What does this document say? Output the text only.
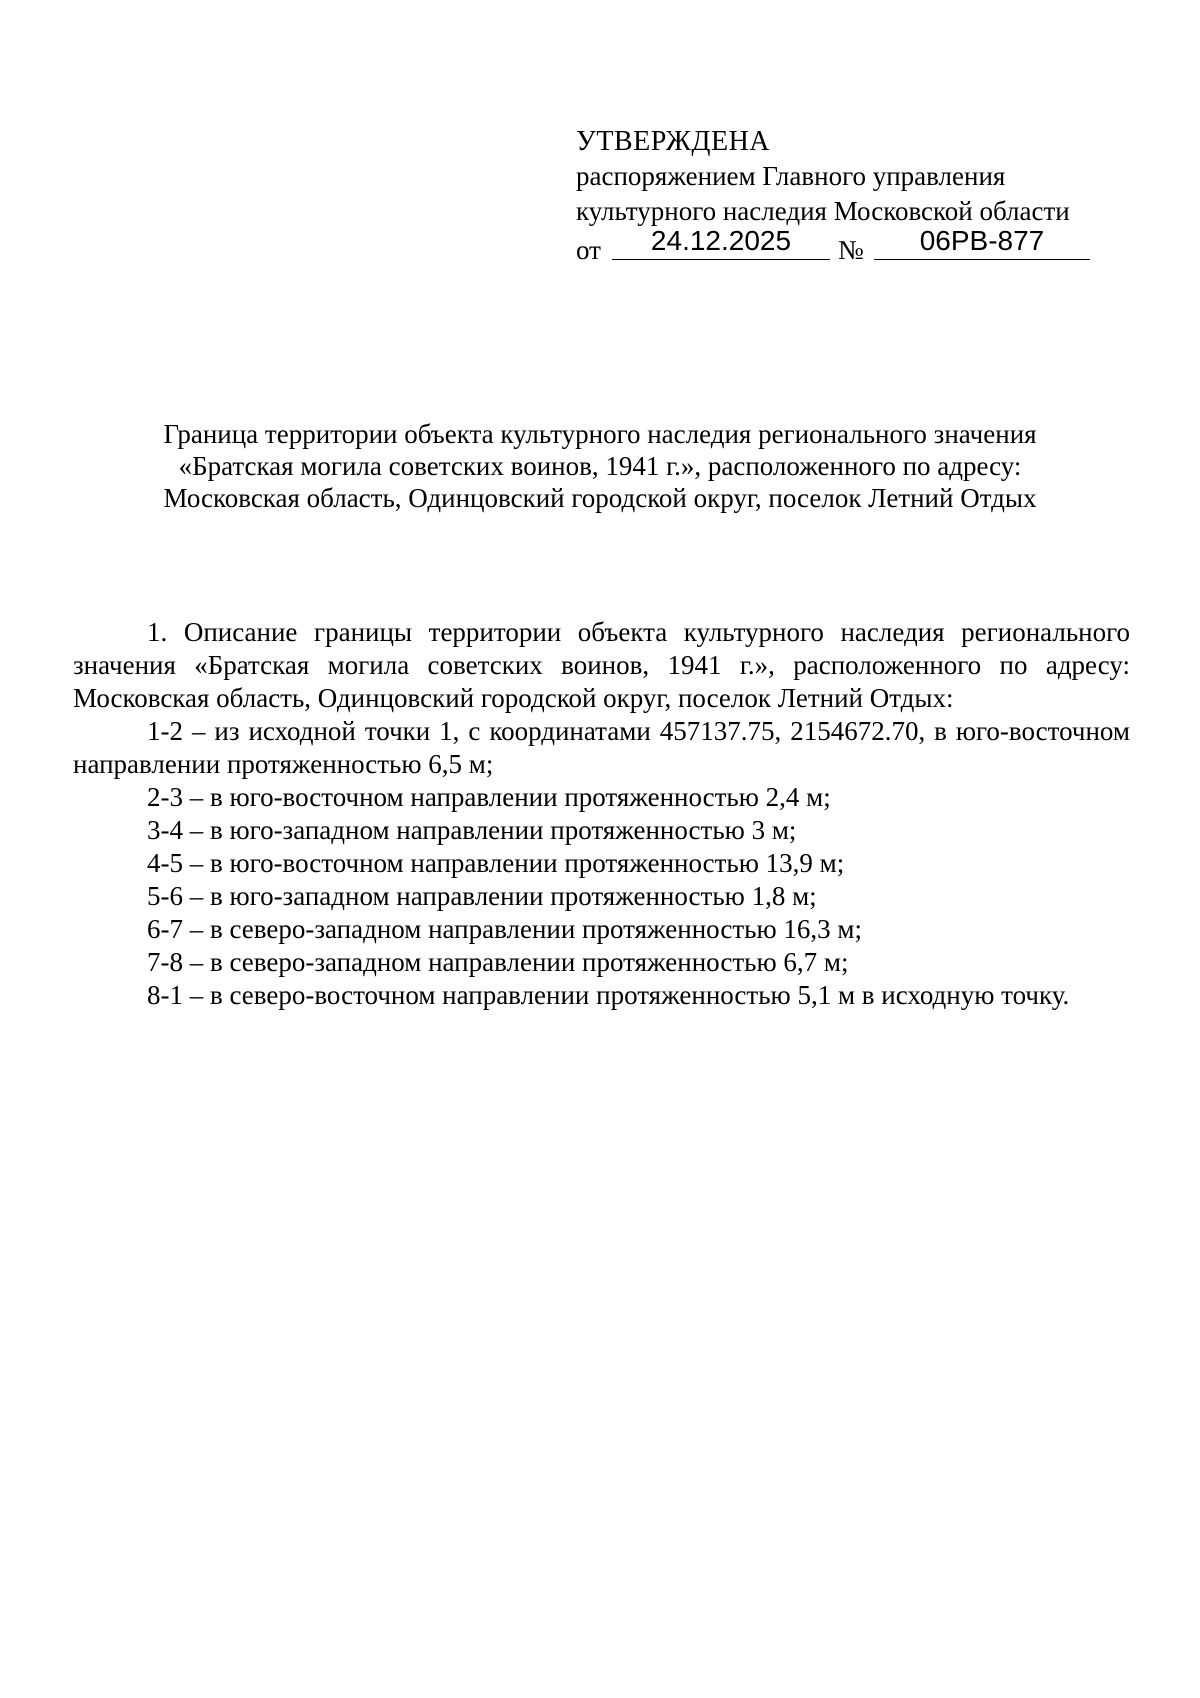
УТВЕРЖДЕНА
распоряжением Главного управления
культурного наследия Московской области
от	24.12.2025	№	06РВ-877
Граница территории объекта культурного наследия регионального значения
«Братская могила советских воинов, 1941 г.», расположенного по адресу:
Московская область, Одинцовский городской округ, поселок Летний Отдых

1. Описание границы территории объекта культурного наследия регионального значения «Братская могила советских воинов, 1941 г.», расположенного по адресу: Московская область, Одинцовский городской округ, поселок Летний Отдых:

1-2 – из исходной точки 1, с координатами 457137.75, 2154672.70, в юго-восточном направлении протяженностью 6,5 м;

2-3 – в юго-восточном направлении протяженностью 2,4 м;

3-4 – в юго-западном направлении протяженностью 3 м;

4-5 – в юго-восточном направлении протяженностью 13,9 м;

5-6 – в юго-западном направлении протяженностью 1,8 м;

6-7 – в северо-западном направлении протяженностью 16,3 м;

7-8 – в северо-западном направлении протяженностью 6,7 м;

8-1 – в северо-восточном направлении протяженностью 5,1 м в исходную точку.
